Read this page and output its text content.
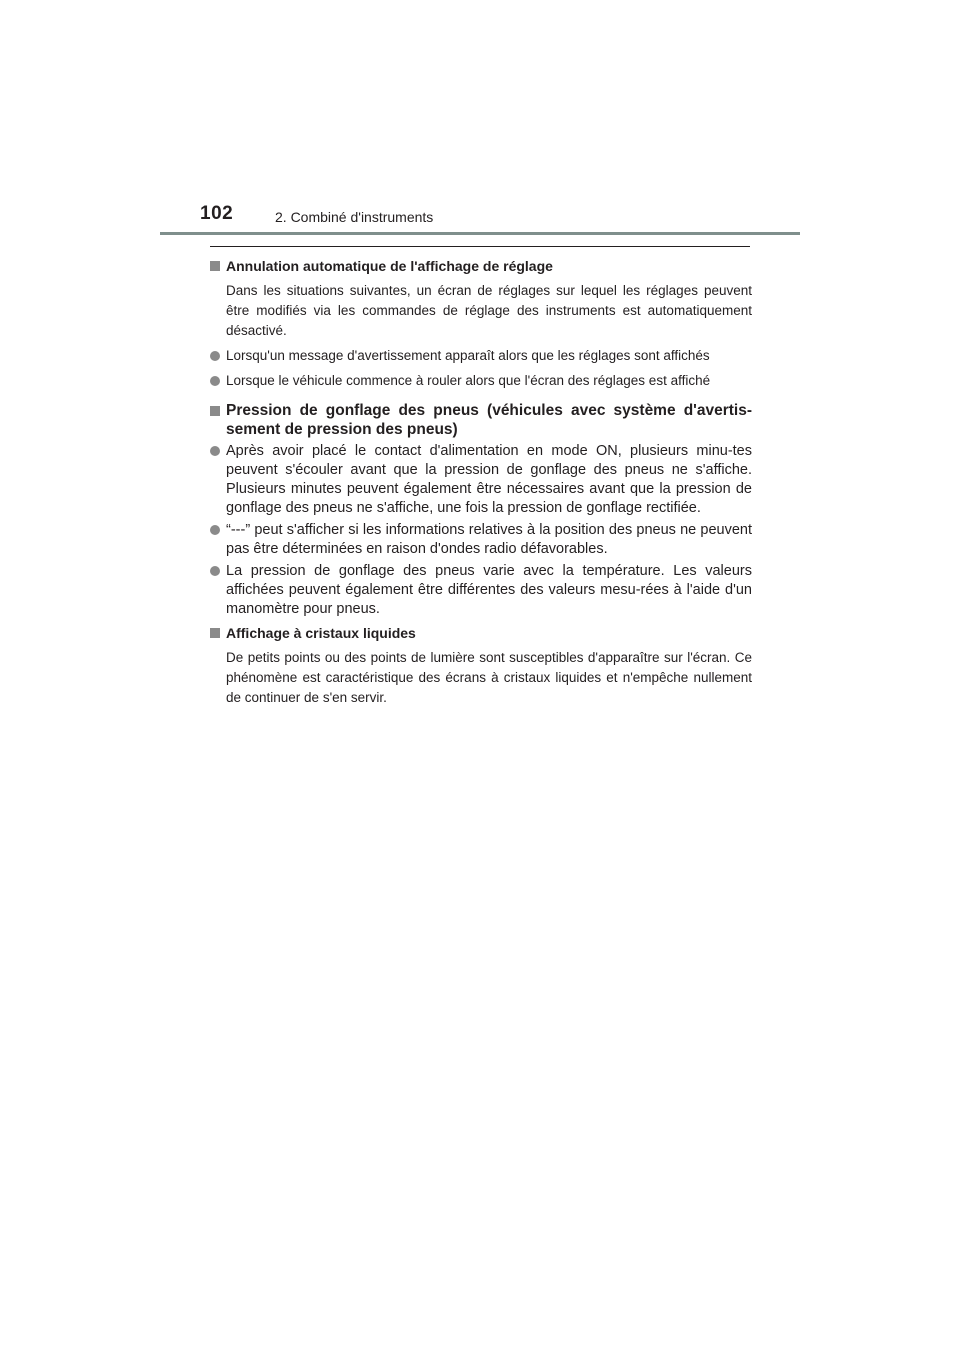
102	2. Combiné d'instruments
Annulation automatique de l'affichage de réglage
Dans les situations suivantes, un écran de réglages sur lequel les réglages peuvent être modifiés via les commandes de réglage des instruments est automatiquement désactivé.
Lorsqu'un message d'avertissement apparaît alors que les réglages sont affichés
Lorsque le véhicule commence à rouler alors que l'écran des réglages est affiché
Pression de gonflage des pneus (véhicules avec système d'avertis-sement de pression des pneus)
Après avoir placé le contact d'alimentation en mode ON, plusieurs minu-tes peuvent s'écouler avant que la pression de gonflage des pneus ne s'affiche. Plusieurs minutes peuvent également être nécessaires avant que la pression de gonflage des pneus ne s'affiche, une fois la pression de gonflage rectifiée.
“---” peut s'afficher si les informations relatives à la position des pneus ne peuvent pas être déterminées en raison d'ondes radio défavorables.
La pression de gonflage des pneus varie avec la température. Les valeurs affichées peuvent également être différentes des valeurs mesu-rées à l'aide d'un manomètre pour pneus.
Affichage à cristaux liquides
De petits points ou des points de lumière sont susceptibles d'apparaître sur l'écran. Ce phénomène est caractéristique des écrans à cristaux liquides et n'empêche nullement de continuer de s'en servir.
